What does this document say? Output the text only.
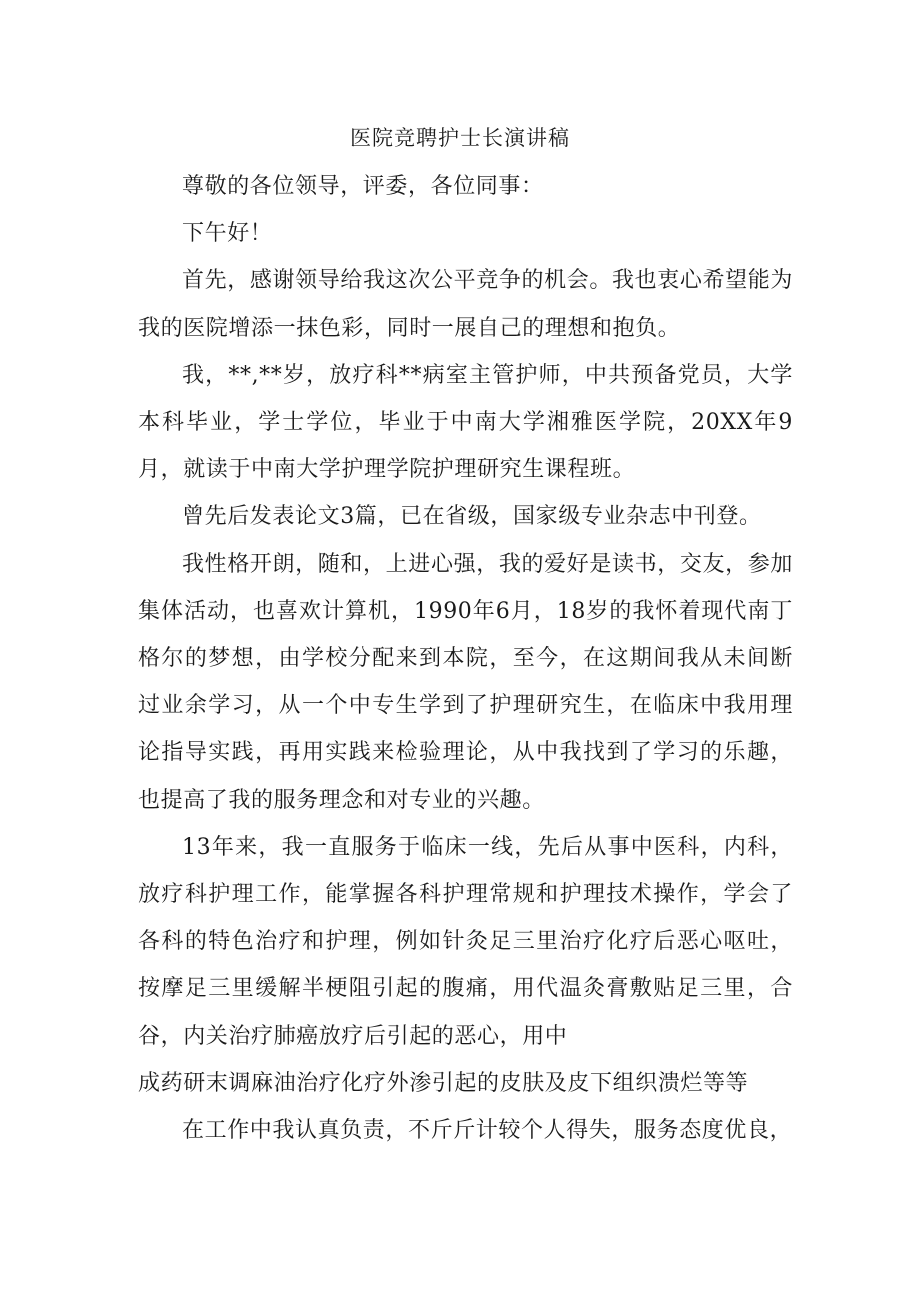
医院竞聘护士长演讲稿

尊敬的各位领导，评委，各位同事：

下午好！

首先，感谢领导给我这次公平竞争的机会。我也衷心希望能为我的医院增添一抹色彩，同时一展自己的理想和抱负。

我，**,**岁，放疗科**病室主管护师，中共预备党员，大学本科毕业，学士学位，毕业于中南大学湘雅医学院，20XX年9月，就读于中南大学护理学院护理研究生课程班。

曾先后发表论文3篇，已在省级，国家级专业杂志中刊登。

我性格开朗，随和，上进心强，我的爱好是读书，交友，参加集体活动，也喜欢计算机，1990年6月，18岁的我怀着现代南丁格尔的梦想，由学校分配来到本院，至今，在这期间我从未间断过业余学习，从一个中专生学到了护理研究生，在临床中我用理论指导实践，再用实践来检验理论，从中我找到了学习的乐趣，也提高了我的服务理念和对专业的兴趣。

13年来，我一直服务于临床一线，先后从事中医科，内科，放疗科护理工作，能掌握各科护理常规和护理技术操作，学会了各科的特色治疗和护理，例如针灸足三里治疗化疗后恶心呕吐，按摩足三里缓解半梗阻引起的腹痛，用代温灸膏敷贴足三里，合谷，内关治疗肺癌放疗后引起的恶心，用中

成药研末调麻油治疗化疗外渗引起的皮肤及皮下组织溃烂等等

在工作中我认真负责，不斤斤计较个人得失，服务态度优良，
